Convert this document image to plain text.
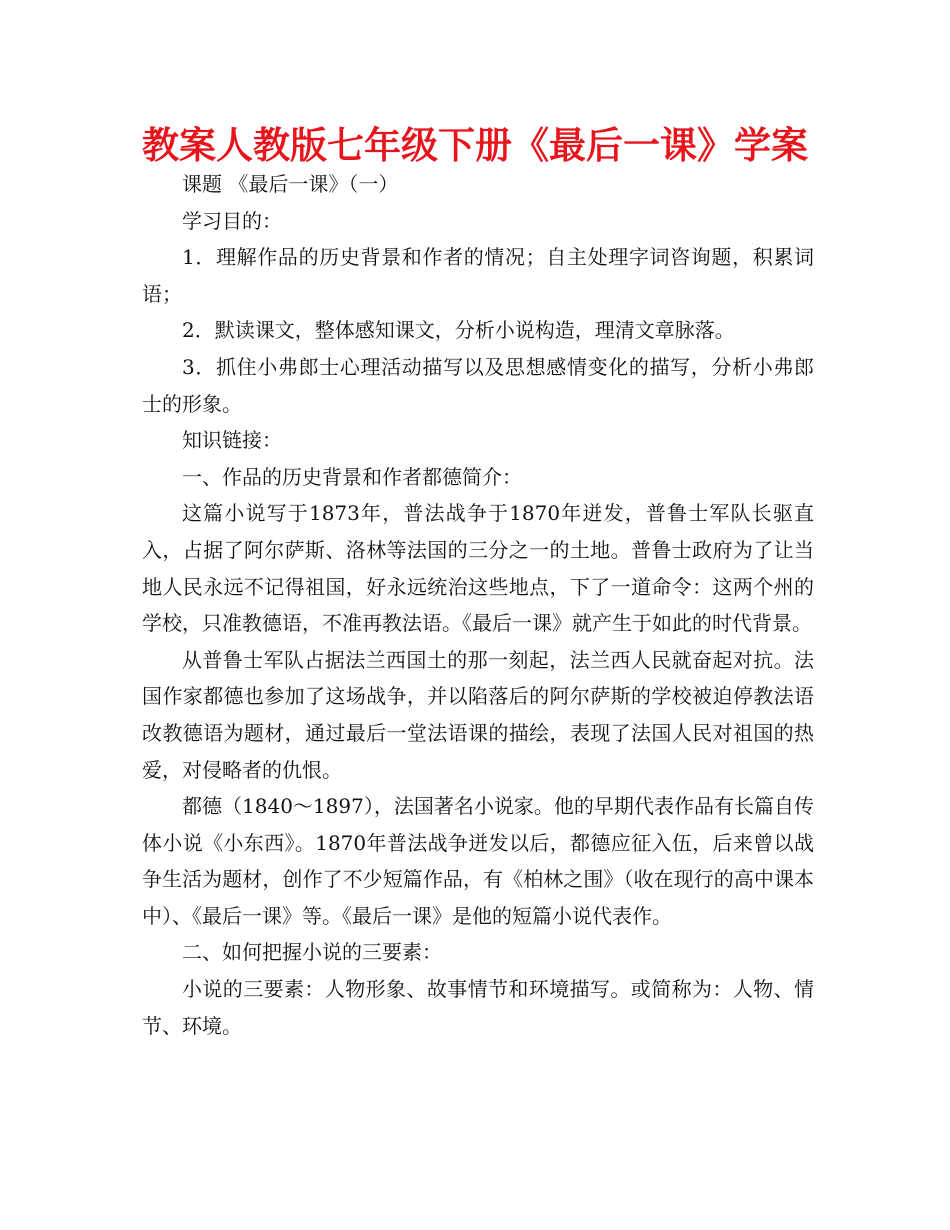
教案人教版七年级下册《最后一课》学案

课题 《最后一课》（一）

学习目的：

1．理解作品的历史背景和作者的情况；自主处理字词咨询题，积累词语；

2．默读课文，整体感知课文，分析小说构造，理清文章脉落。

3．抓住小弗郎士心理活动描写以及思想感情变化的描写，分析小弗郎士的形象。

知识链接：

一、作品的历史背景和作者都德简介：

这篇小说写于1873年，普法战争于1870年迸发，普鲁士军队长驱直入，占据了阿尔萨斯、洛林等法国的三分之一的土地。普鲁士政府为了让当地人民永远不记得祖国，好永远统治这些地点，下了一道命令：这两个州的学校，只准教德语，不准再教法语。《最后一课》就产生于如此的时代背景。

从普鲁士军队占据法兰西国土的那一刻起，法兰西人民就奋起对抗。法国作家都德也参加了这场战争，并以陷落后的阿尔萨斯的学校被迫停教法语改教德语为题材，通过最后一堂法语课的描绘，表现了法国人民对祖国的热爱，对侵略者的仇恨。

都德（1840～1897），法国著名小说家。他的早期代表作品有长篇自传体小说《小东西》。1870年普法战争迸发以后，都德应征入伍，后来曾以战争生活为题材，创作了不少短篇作品，有《柏林之围》（收在现行的高中课本中）、《最后一课》等。《最后一课》是他的短篇小说代表作。

二、如何把握小说的三要素：

小说的三要素：人物形象、故事情节和环境描写。或简称为：人物、情节、环境。
